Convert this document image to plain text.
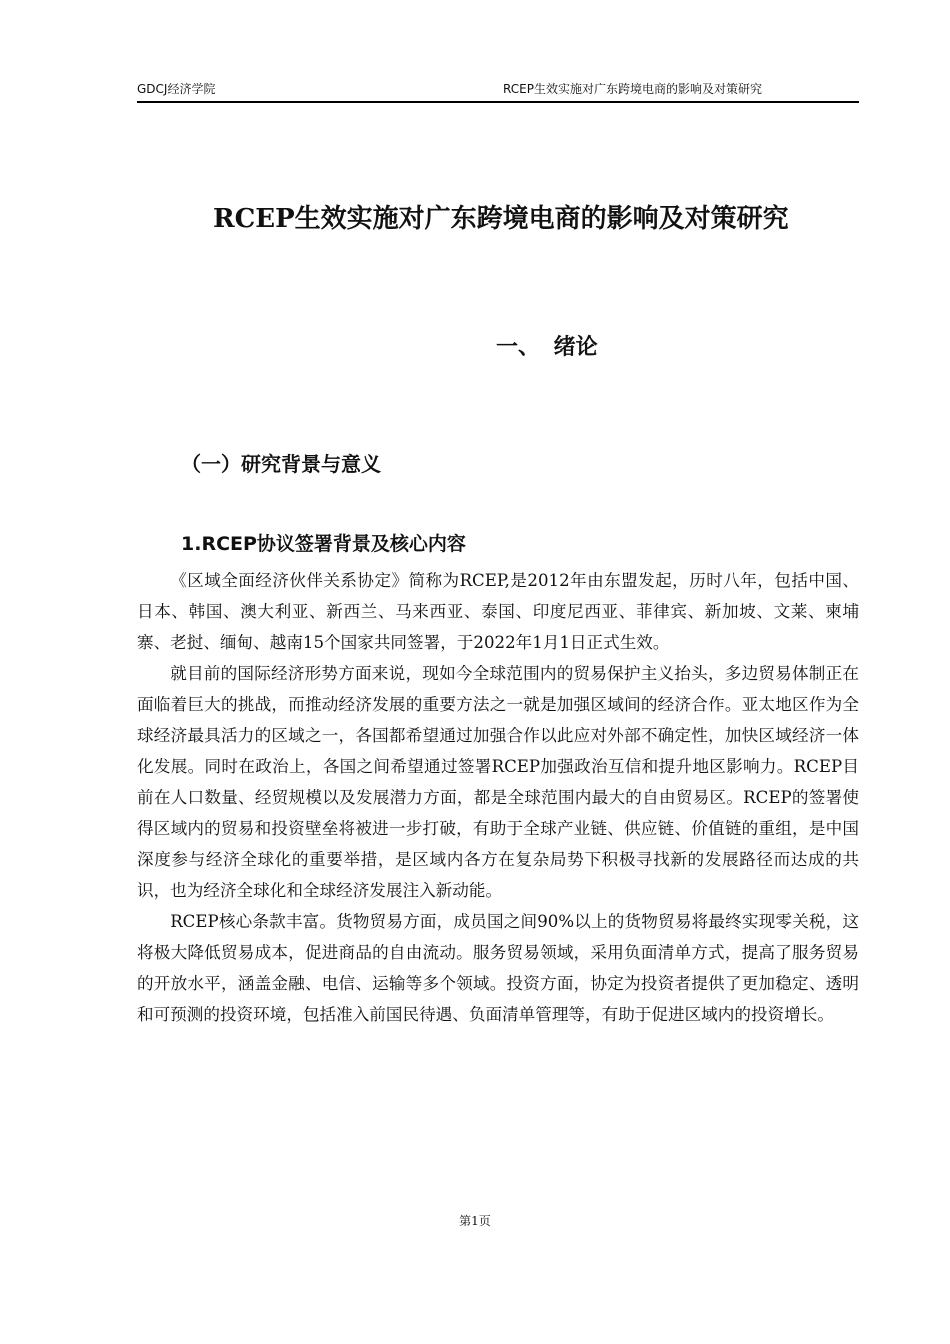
GDCJ经济学院	RCEP生效实施对广东跨境电商的影响及对策研究
RCEP生效实施对广东跨境电商的影响及对策研究
一、 绪论
（一）研究背景与意义
1.RCEP协议签署背景及核心内容

《区域全面经济伙伴关系协定》简称为RCEP,是2012年由东盟发起，历时八年，包括中国、日本、韩国、澳大利亚、新西兰、马来西亚、泰国、印度尼西亚、菲律宾、新加坡、文莱、柬埔寨、老挝、缅甸、越南15个国家共同签署，于2022年1月1日正式生效。

就目前的国际经济形势方面来说，现如今全球范围内的贸易保护主义抬头，多边贸易体制正在面临着巨大的挑战，而推动经济发展的重要方法之一就是加强区域间的经济合作。亚太地区作为全球经济最具活力的区域之一，各国都希望通过加强合作以此应对外部不确定性，加快区域经济一体化发展。同时在政治上，各国之间希望通过签署RCEP加强政治互信和提升地区影响力。RCEP目前在人口数量、经贸规模以及发展潜力方面，都是全球范围内最大的自由贸易区。RCEP的签署使得区域内的贸易和投资壁垒将被进一步打破，有助于全球产业链、供应链、价值链的重组，是中国深度参与经济全球化的重要举措，是区域内各方在复杂局势下积极寻找新的发展路径而达成的共识，也为经济全球化和全球经济发展注入新动能。

RCEP核心条款丰富。货物贸易方面，成员国之间90%以上的货物贸易将最终实现零关税，这将极大降低贸易成本，促进商品的自由流动。服务贸易领域，采用负面清单方式，提高了服务贸易的开放水平，涵盖金融、电信、运输等多个领域。投资方面，协定为投资者提供了更加稳定、透明和可预测的投资环境，包括准入前国民待遇、负面清单管理等，有助于促进区域内的投资增长。

第1页
